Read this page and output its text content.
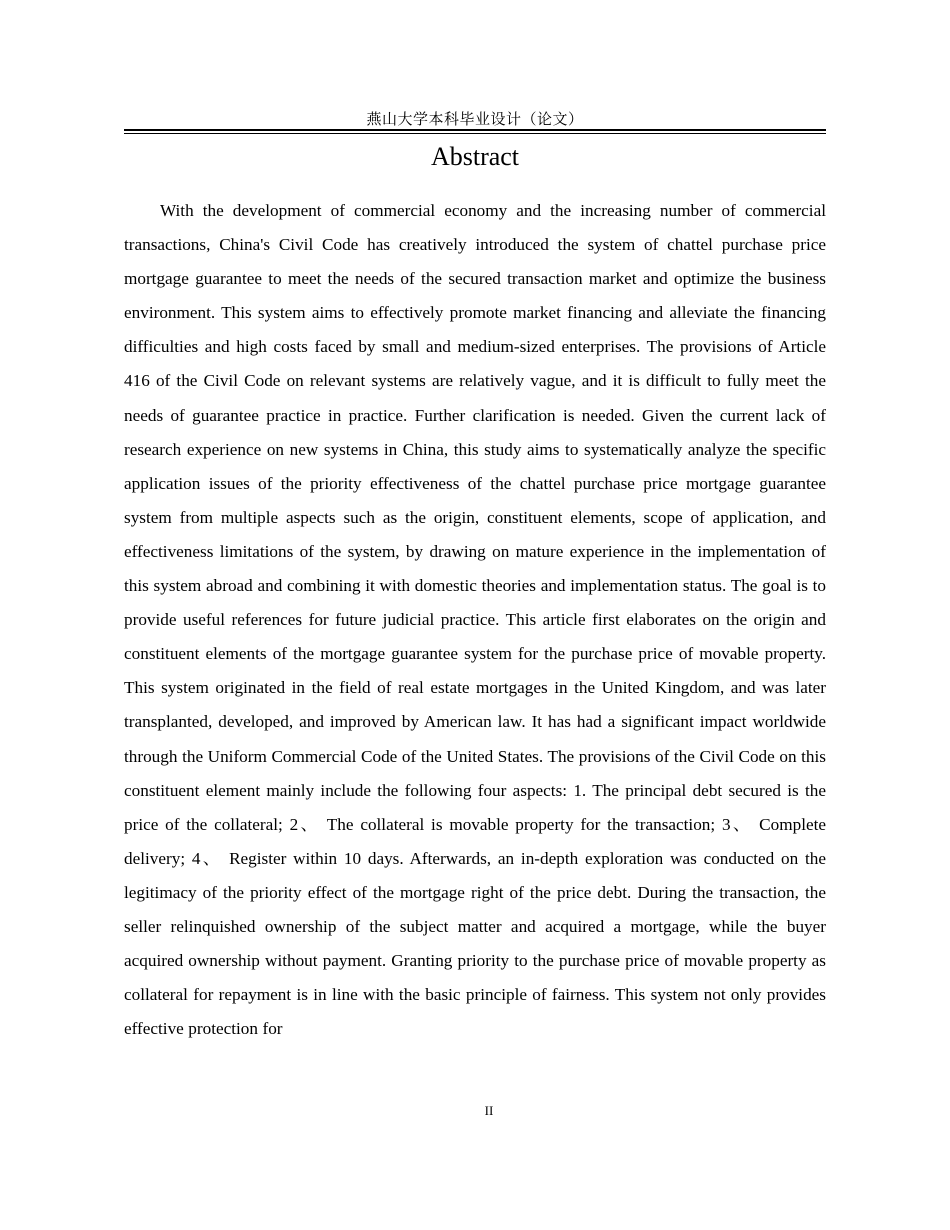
燕山大学本科毕业设计（论文）
Abstract

With the development of commercial economy and the increasing number of commercial transactions, China's Civil Code has creatively introduced the system of chattel purchase price mortgage guarantee to meet the needs of the secured transaction market and optimize the business environment. This system aims to effectively promote market financing and alleviate the financing difficulties and high costs faced by small and medium-sized enterprises. The provisions of Article 416 of the Civil Code on relevant systems are relatively vague, and it is difficult to fully meet the needs of guarantee practice in practice. Further clarification is needed. Given the current lack of research experience on new systems in China, this study aims to systematically analyze the specific application issues of the priority effectiveness of the chattel purchase price mortgage guarantee system from multiple aspects such as the origin, constituent elements, scope of application, and effectiveness limitations of the system, by drawing on mature experience in the implementation of this system abroad and combining it with domestic theories and implementation status. The goal is to provide useful references for future judicial practice. This article first elaborates on the origin and constituent elements of the mortgage guarantee system for the purchase price of movable property. This system originated in the field of real estate mortgages in the United Kingdom, and was later transplanted, developed, and improved by American law. It has had a significant impact worldwide through the Uniform Commercial Code of the United States. The provisions of the Civil Code on this constituent element mainly include the following four aspects: 1. The principal debt secured is the price of the collateral; 2、 The collateral is movable property for the transaction; 3、 Complete delivery; 4、 Register within 10 days. Afterwards, an in-depth exploration was conducted on the legitimacy of the priority effect of the mortgage right of the price debt. During the transaction, the seller relinquished ownership of the subject matter and acquired a mortgage, while the buyer acquired ownership without payment. Granting priority to the purchase price of movable property as collateral for repayment is in line with the basic principle of fairness. This system not only provides effective protection for

II
